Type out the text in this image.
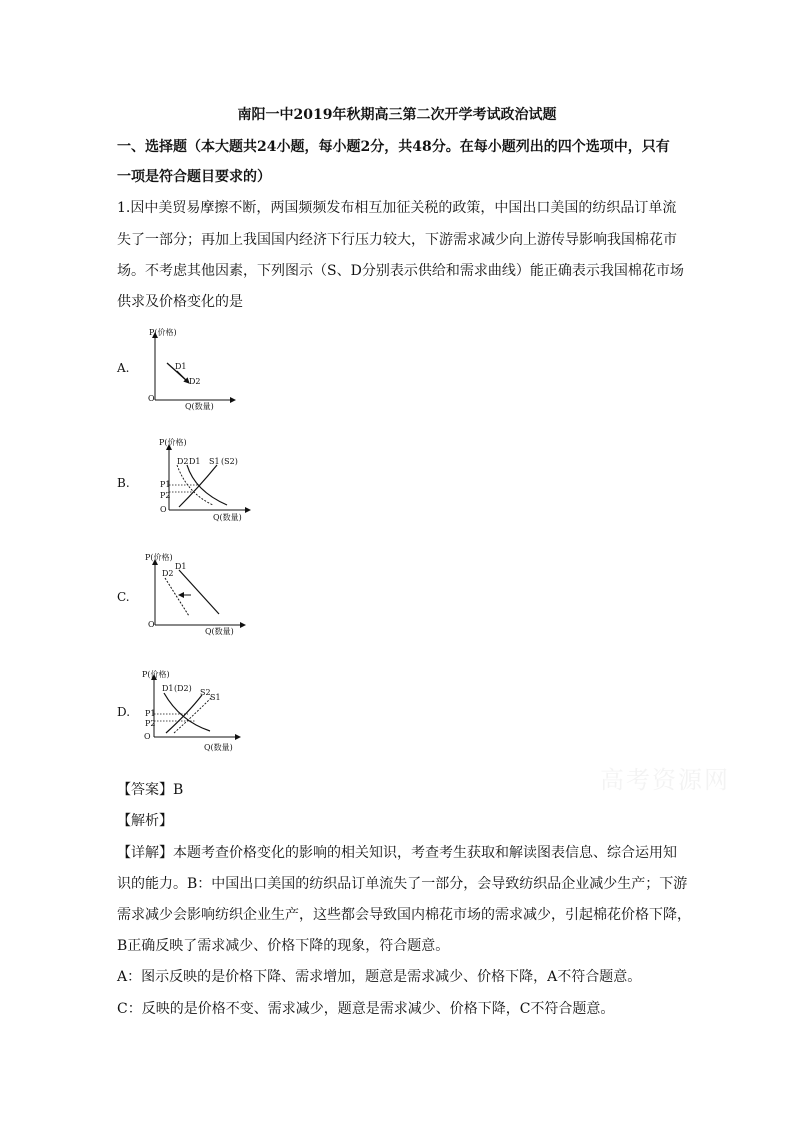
南阳一中2019年秋期高三第二次开学考试政治试题
一、选择题（本大题共24小题，每小题2分，共48分。在每小题列出的四个选项中，只有
一项是符合题目要求的）
1.因中美贸易摩擦不断，两国频频发布相互加征关税的政策，中国出口美国的纺织品订单流
失了一部分；再加上我国国内经济下行压力较大，下游需求减少向上游传导影响我国棉花市
场。不考虑其他因素，下列图示（S、D分别表示供给和需求曲线）能正确表示我国棉花市场
供求及价格变化的是
A.
P(价格)
Q(数量)
O
D1
D2
B.
P(价格)
Q(数量)
O
D2 D1 S1 (S2)
P1
P2
C.
P(价格)
Q(数量)
O
D2
D1
D.
P(价格)
Q(数量)
O
D1 (D2) S2
S1
P1
P2
高考资源网
【答案】B
【解析】
【详解】本题考查价格变化的影响的相关知识，考查考生获取和解读图表信息、综合运用知
识的能力。B：中国出口美国的纺织品订单流失了一部分，会导致纺织品企业减少生产；下游
需求减少会影响纺织企业生产，这些都会导致国内棉花市场的需求减少，引起棉花价格下降，
B正确反映了需求减少、价格下降的现象，符合题意。
A：图示反映的是价格下降、需求增加，题意是需求减少、价格下降，A不符合题意。
C：反映的是价格不变、需求减少，题意是需求减少、价格下降，C不符合题意。
